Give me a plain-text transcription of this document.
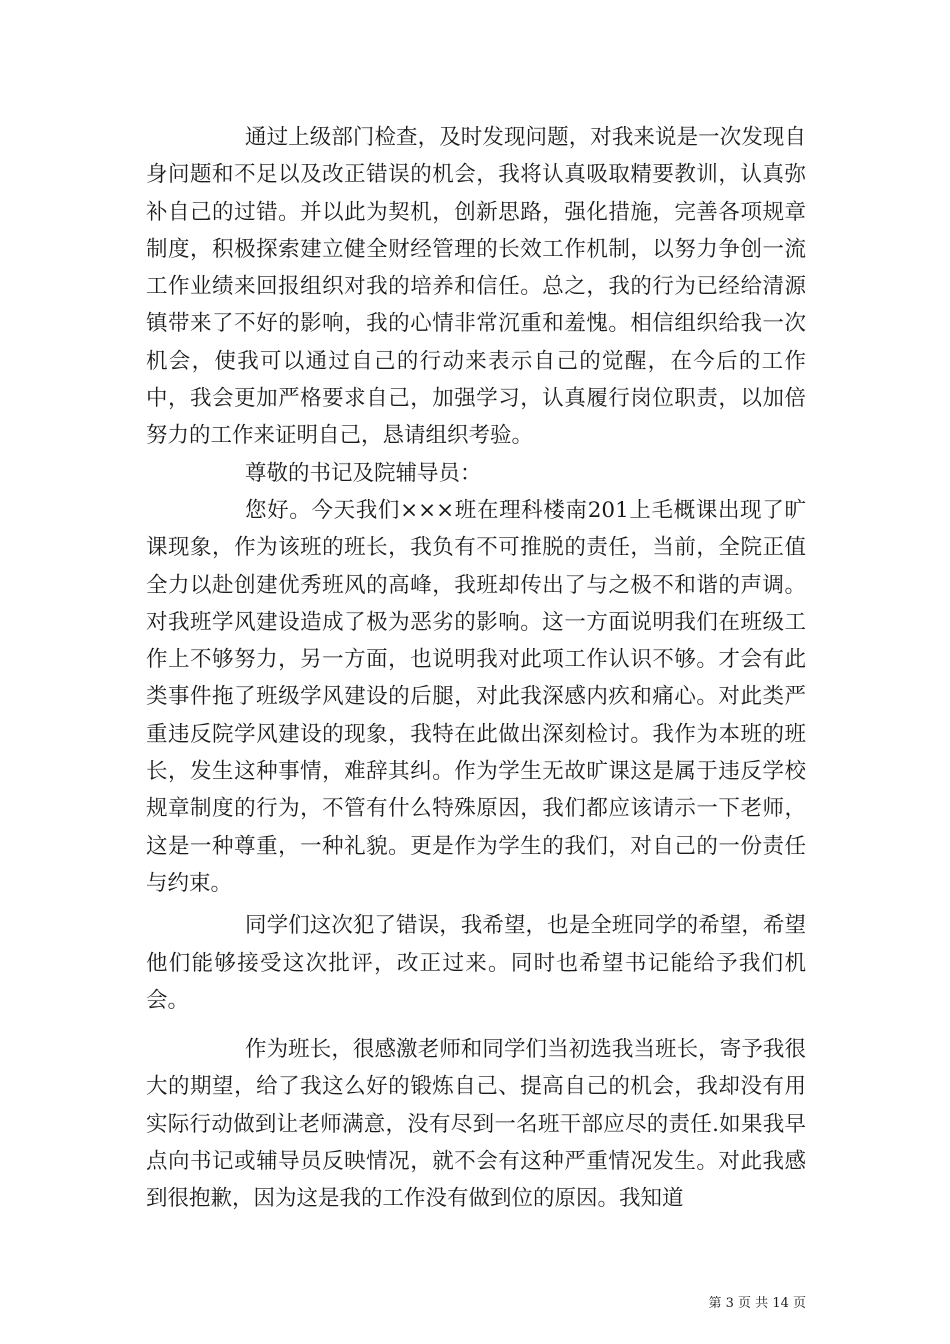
通过上级部门检查，及时发现问题，对我来说是一次发现自身问题和不足以及改正错误的机会，我将认真吸取精要教训，认真弥补自己的过错。并以此为契机，创新思路，强化措施，完善各项规章制度，积极探索建立健全财经管理的长效工作机制，以努力争创一流工作业绩来回报组织对我的培养和信任。总之，我的行为已经给清源镇带来了不好的影响，我的心情非常沉重和羞愧。相信组织给我一次机会，使我可以通过自己的行动来表示自己的觉醒，在今后的工作中，我会更加严格要求自己，加强学习，认真履行岗位职责，以加倍努力的工作来证明自己，恳请组织考验。

尊敬的书记及院辅导员：

您好。今天我们×××班在理科楼南201上毛概课出现了旷课现象，作为该班的班长，我负有不可推脱的责任，当前，全院正值全力以赴创建优秀班风的高峰，我班却传出了与之极不和谐的声调。对我班学风建设造成了极为恶劣的影响。这一方面说明我们在班级工作上不够努力，另一方面，也说明我对此项工作认识不够。才会有此类事件拖了班级学风建设的后腿，对此我深感内疚和痛心。对此类严重违反院学风建设的现象，我特在此做出深刻检讨。我作为本班的班长，发生这种事情，难辞其纠。作为学生无故旷课这是属于违反学校规章制度的行为，不管有什么特殊原因，我们都应该请示一下老师，这是一种尊重，一种礼貌。更是作为学生的我们，对自己的一份责任与约束。

同学们这次犯了错误，我希望，也是全班同学的希望，希望他们能够接受这次批评，改正过来。同时也希望书记能给予我们机会。

作为班长，很感激老师和同学们当初选我当班长，寄予我很大的期望，给了我这么好的锻炼自己、提高自己的机会，我却没有用实际行动做到让老师满意，没有尽到一名班干部应尽的责任.如果我早点向书记或辅导员反映情况，就不会有这种严重情况发生。对此我感到很抱歉，因为这是我的工作没有做到位的原因。我知道

第 3 页 共 14 页
